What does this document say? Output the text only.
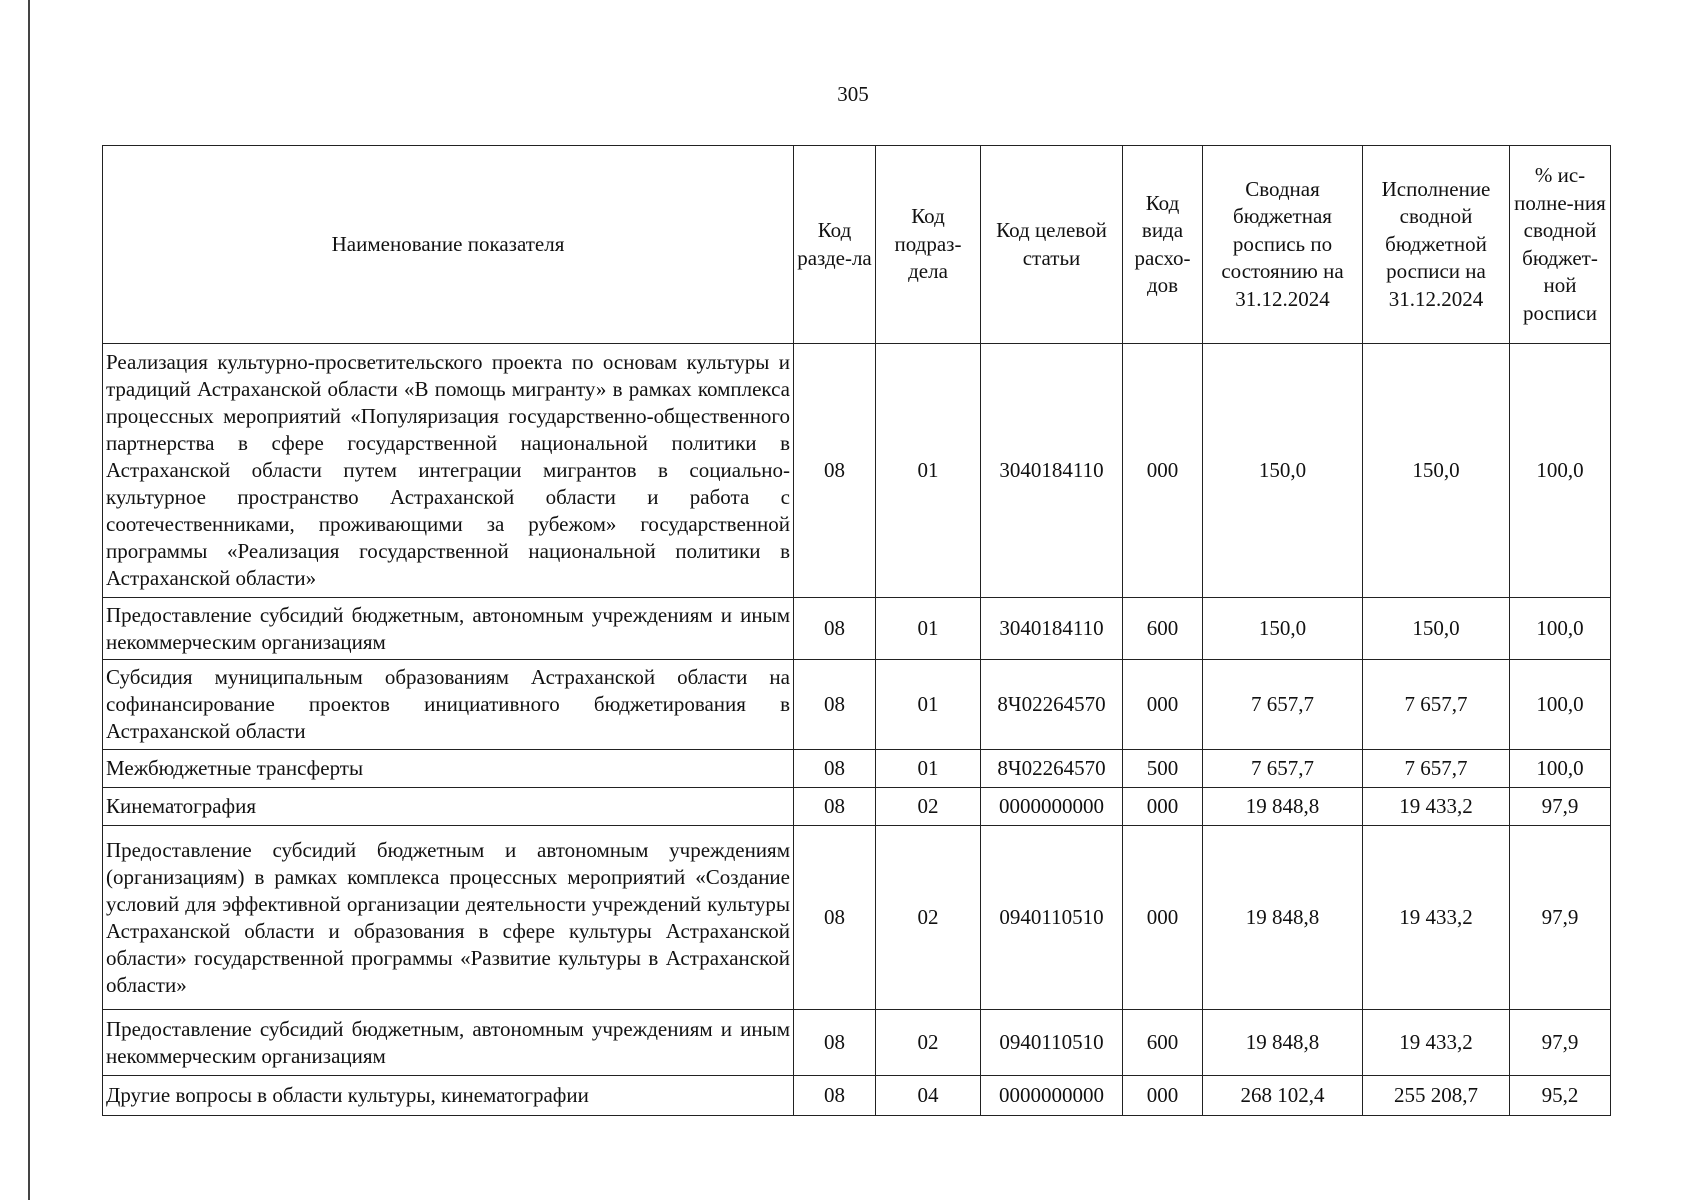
305
Наименование показателя	Код разде-ла	Код подраз-дела	Код целевой статьи	Код вида расхо-дов	Сводная бюджетная роспись по состоянию на 31.12.2024	Исполнение сводной бюджетной росписи на 31.12.2024	% ис-полне-ния сводной бюджет-ной росписи
Реализация культурно-просветительского проекта по основам культуры и традиций Астраханской области «В помощь мигранту» в рамках комплекса процессных мероприятий «Популяризация государственно-общественного партнерства в сфере государственной национальной политики в Астраханской области путем интеграции мигрантов в социально-культурное пространство Астраханской области и работа с соотечественниками, проживающими за рубежом» государственной программы «Реализация государственной национальной политики в Астраханской области»	08	01	3040184110	000	150,0	150,0	100,0
Предоставление субсидий бюджетным, автономным учреждениям и иным некоммерческим организациям	08	01	3040184110	600	150,0	150,0	100,0
Субсидия муниципальным образованиям Астраханской области на софинансирование проектов инициативного бюджетирования в Астраханской области	08	01	8Ч02264570	000	7 657,7	7 657,7	100,0
Межбюджетные трансферты	08	01	8Ч02264570	500	7 657,7	7 657,7	100,0
Кинематография	08	02	0000000000	000	19 848,8	19 433,2	97,9
Предоставление субсидий бюджетным и автономным учреждениям (организациям) в рамках комплекса процессных мероприятий «Создание условий для эффективной организации деятельности учреждений культуры Астраханской области и образования в сфере культуры Астраханской области» государственной программы «Развитие культуры в Астраханской области»	08	02	0940110510	000	19 848,8	19 433,2	97,9
Предоставление субсидий бюджетным, автономным учреждениям и иным некоммерческим организациям	08	02	0940110510	600	19 848,8	19 433,2	97,9
Другие вопросы в области культуры, кинематографии	08	04	0000000000	000	268 102,4	255 208,7	95,2
